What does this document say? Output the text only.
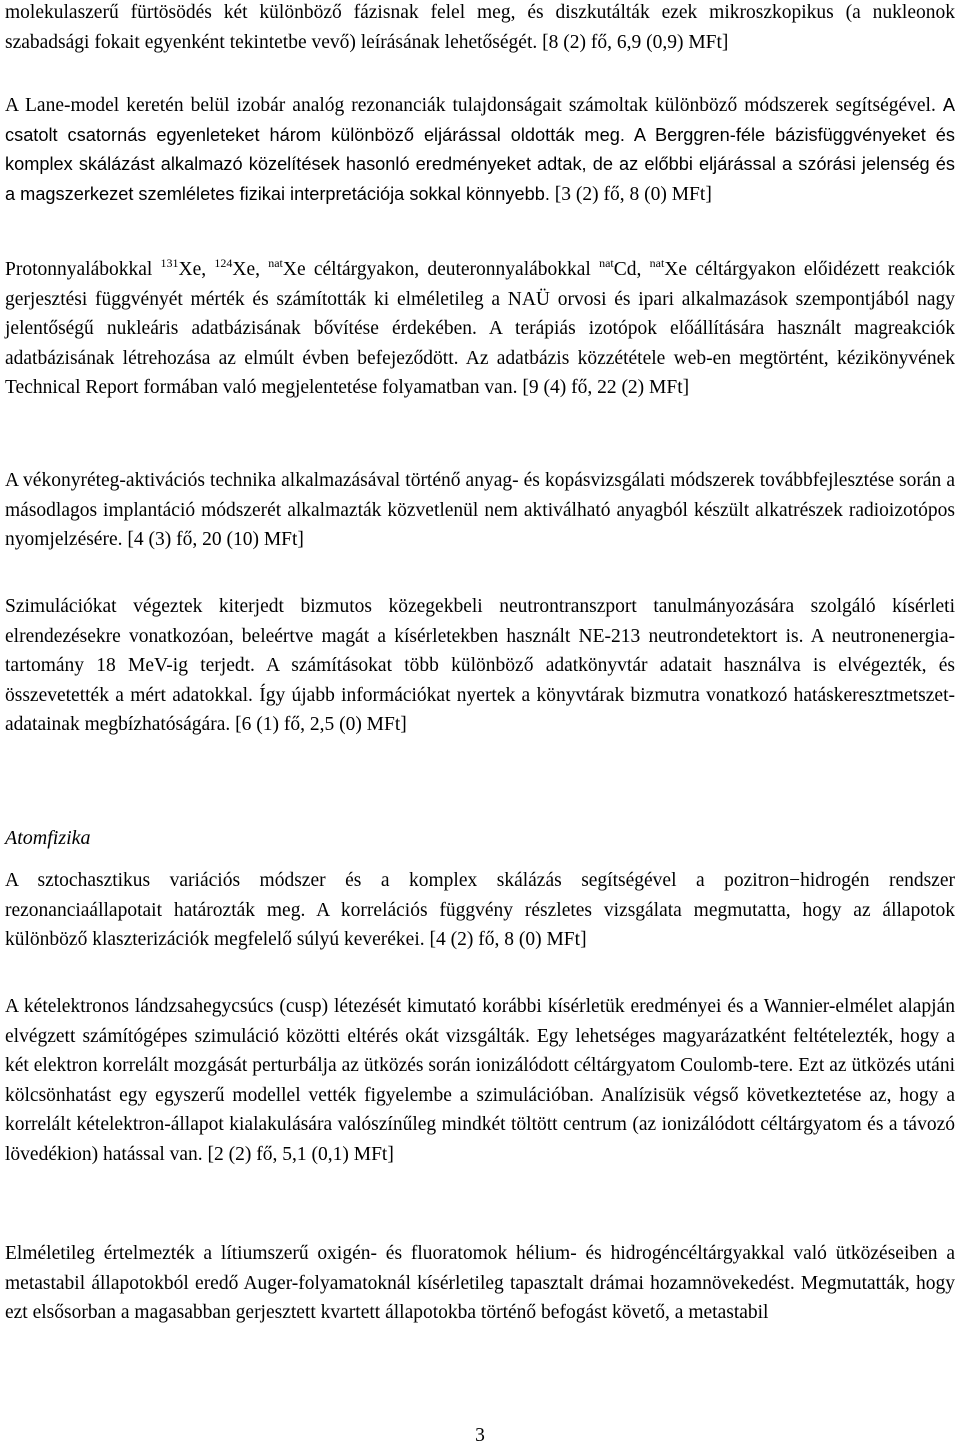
molekulaszerű fürtösödés két különböző fázisnak felel meg, és diszkutálták ezek mikroszkopikus (a nukleonok szabadsági fokait egyenként tekintetbe vevő) leírásának lehetőségét. [8 (2) fő, 6,9 (0,9) MFt]

A Lane-model keretén belül izobár analóg rezonanciák tulajdonságait számoltak különböző módszerek segítségével. A csatolt csatornás egyenleteket három különböző eljárással oldották meg. A Berggren-féle bázisfüggvényeket és komplex skálázást alkalmazó közelítések hasonló eredményeket adtak, de az előbbi eljárással a szórási jelenség és a magszerkezet szemléletes fizikai interpretációja sokkal könnyebb. [3 (2) fő, 8 (0) MFt]

Protonnyalábokkal $^{131}$Xe, $^{124}$Xe, $^{nat}$Xe céltárgyakon, deuteronnyalábokkal $^{nat}$Cd, $^{nat}$Xe céltárgyakon előidézett reakciók gerjesztési függvényét mérték és számították ki elméletileg a NAÜ orvosi és ipari alkalmazások szempontjából nagy jelentőségű nukleáris adatbázisának bővítése érdekében. A terápiás izotópok előállítására használt magreakciók adatbázisának létrehozása az elmúlt évben befejeződött. Az adatbázis közzététele web-en megtörtént, kézikönyvének Technical Report formában való megjelentetése folyamatban van. [9 (4) fő, 22 (2) MFt]

A vékonyréteg-aktivációs technika alkalmazásával történő anyag- és kopásvizsgálati módszerek továbbfejlesztése során a másodlagos implantáció módszerét alkalmazták közvetlenül nem aktiválható anyagból készült alkatrészek radioizotópos nyomjelzésére. [4 (3) fő, 20 (10) MFt]

Szimulációkat végeztek kiterjedt bizmutos közegekbeli neutrontranszport tanulmányozására szolgáló kísérleti elrendezésekre vonatkozóan, beleértve magát a kísérletekben használt NE-213 neutrondetektort is. A neutronenergia-tartomány 18 MeV-ig terjedt. A számításokat több különböző adatkönyvtár adatait használva is elvégezték, és összevetették a mért adatokkal. Így újabb információkat nyertek a könyvtárak bizmutra vonatkozó hatáskeresztmetszet-adatainak megbízhatóságára. [6 (1) fő, 2,5 (0) MFt]

Atomfizika

A sztochasztikus variációs módszer és a komplex skálázás segítségével a pozitron−hidrogén rendszer rezonanciaállapotait határozták meg. A korrelációs függvény részletes vizsgálata megmutatta, hogy az állapotok különböző klaszterizációk megfelelő súlyú keverékei. [4 (2) fő, 8 (0) MFt]

A kételektronos lándzsahegycsúcs (cusp) létezését kimutató korábbi kísérletük eredményei és a Wannier-elmélet alapján elvégzett számítógépes szimuláció közötti eltérés okát vizsgálták. Egy lehetséges magyarázatként feltételezték, hogy a két elektron korrelált mozgását perturbálja az ütközés során ionizálódott céltárgyatom Coulomb-tere. Ezt az ütközés utáni kölcsönhatást egy egyszerű modellel vették figyelembe a szimulációban. Analízisük végső következtetése az, hogy a korrelált kételektron-állapot kialakulására valószínűleg mindkét töltött centrum (az ionizálódott céltárgyatom és a távozó lövedékion) hatással van. [2 (2) fő, 5,1 (0,1) MFt]

Elméletileg értelmezték a lítiumszerű oxigén- és fluoratomok hélium- és hidrogéncéltárgyakkal való ütközéseiben a metastabil állapotokból eredő Auger-folyamatoknál kísérletileg tapasztalt drámai hozamnövekedést. Megmutatták, hogy ezt elsősorban a magasabban gerjesztett kvartett állapotokba történő befogást követő, a metastabil

3
